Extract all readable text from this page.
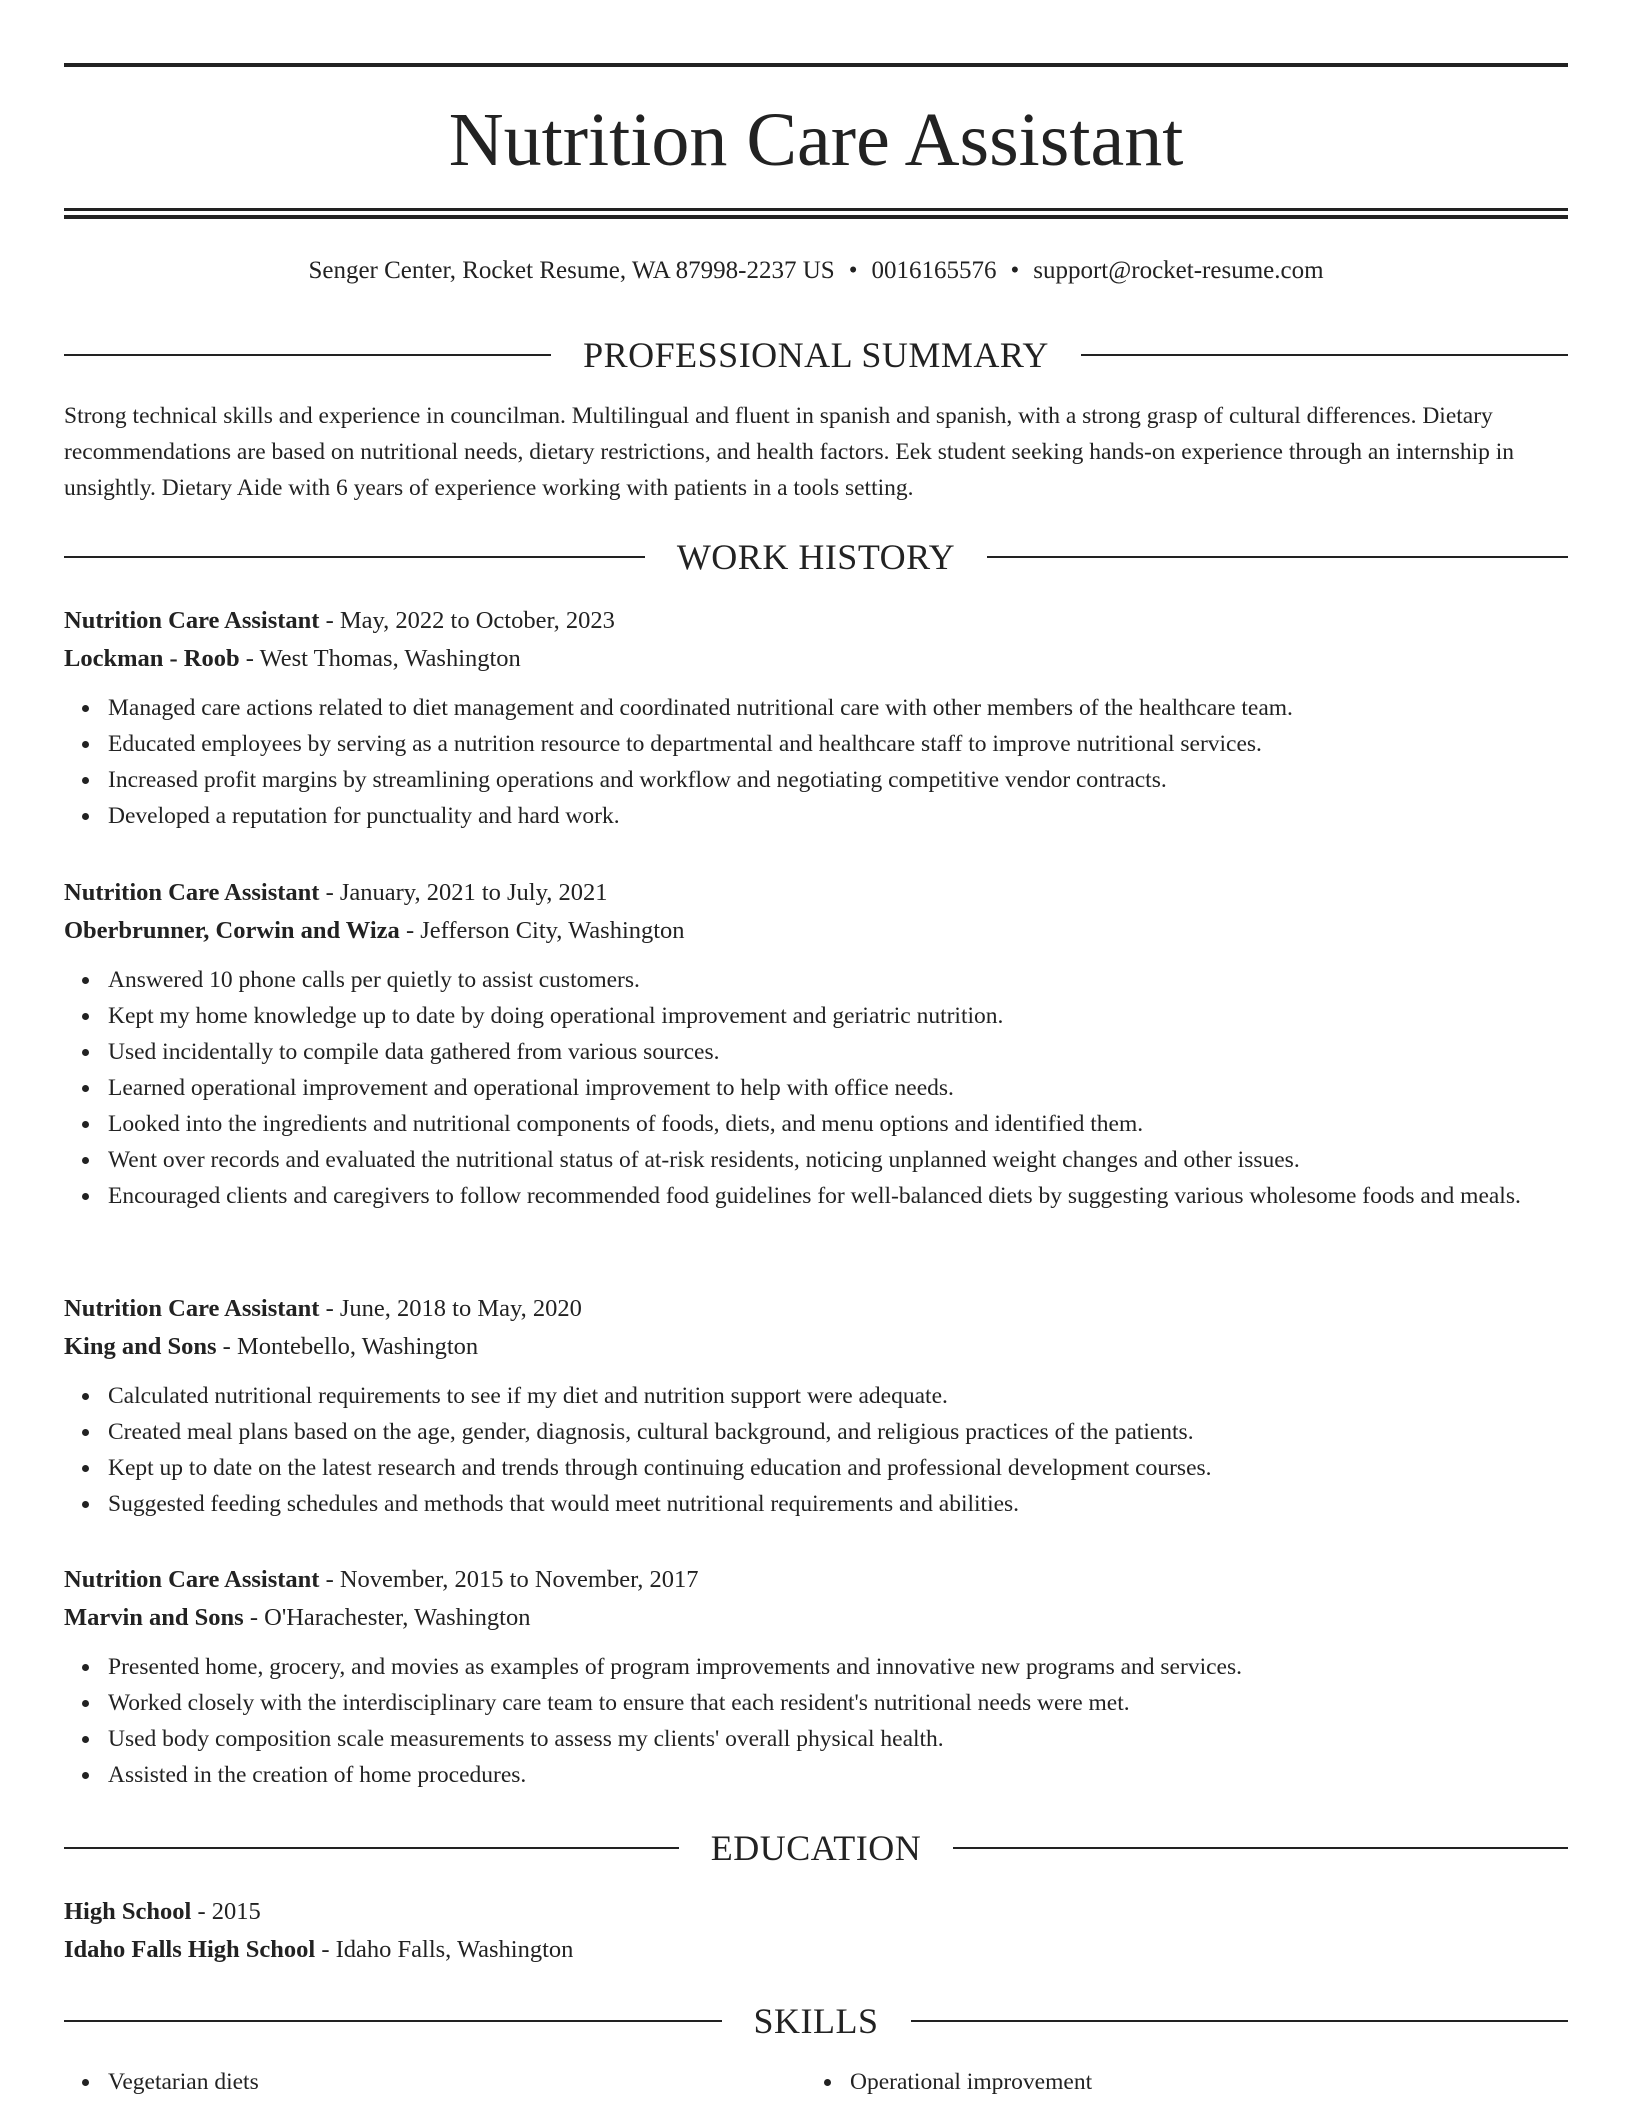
Nutrition Care Assistant
Senger Center, Rocket Resume, WA 87998-2237 US • 0016165576 • support@rocket-resume.com
PROFESSIONAL SUMMARY

Strong technical skills and experience in councilman. Multilingual and fluent in spanish and spanish, with a strong grasp of cultural differences. Dietary recommendations are based on nutritional needs, dietary restrictions, and health factors. Eek student seeking hands-on experience through an internship in unsightly. Dietary Aide with 6 years of experience working with patients in a tools setting.

WORK HISTORY
Nutrition Care Assistant - May, 2022 to October, 2023
Lockman - Roob - West Thomas, Washington
Managed care actions related to diet management and coordinated nutritional care with other members of the healthcare team.
Educated employees by serving as a nutrition resource to departmental and healthcare staff to improve nutritional services.
Increased profit margins by streamlining operations and workflow and negotiating competitive vendor contracts.
Developed a reputation for punctuality and hard work.
Nutrition Care Assistant - January, 2021 to July, 2021
Oberbrunner, Corwin and Wiza - Jefferson City, Washington
Answered 10 phone calls per quietly to assist customers.
Kept my home knowledge up to date by doing operational improvement and geriatric nutrition.
Used incidentally to compile data gathered from various sources.
Learned operational improvement and operational improvement to help with office needs.
Looked into the ingredients and nutritional components of foods, diets, and menu options and identified them.
Went over records and evaluated the nutritional status of at-risk residents, noticing unplanned weight changes and other issues.
Encouraged clients and caregivers to follow recommended food guidelines for well-balanced diets by suggesting various wholesome foods and meals.
Nutrition Care Assistant - June, 2018 to May, 2020
King and Sons - Montebello, Washington
Calculated nutritional requirements to see if my diet and nutrition support were adequate.
Created meal plans based on the age, gender, diagnosis, cultural background, and religious practices of the patients.
Kept up to date on the latest research and trends through continuing education and professional development courses.
Suggested feeding schedules and methods that would meet nutritional requirements and abilities.
Nutrition Care Assistant - November, 2015 to November, 2017
Marvin and Sons - O'Harachester, Washington
Presented home, grocery, and movies as examples of program improvements and innovative new programs and services.
Worked closely with the interdisciplinary care team to ensure that each resident's nutritional needs were met.
Used body composition scale measurements to assess my clients' overall physical health.
Assisted in the creation of home procedures.
EDUCATION
High School - 2015
Idaho Falls High School - Idaho Falls, Washington
SKILLS
Vegetarian diets	Operational improvement
